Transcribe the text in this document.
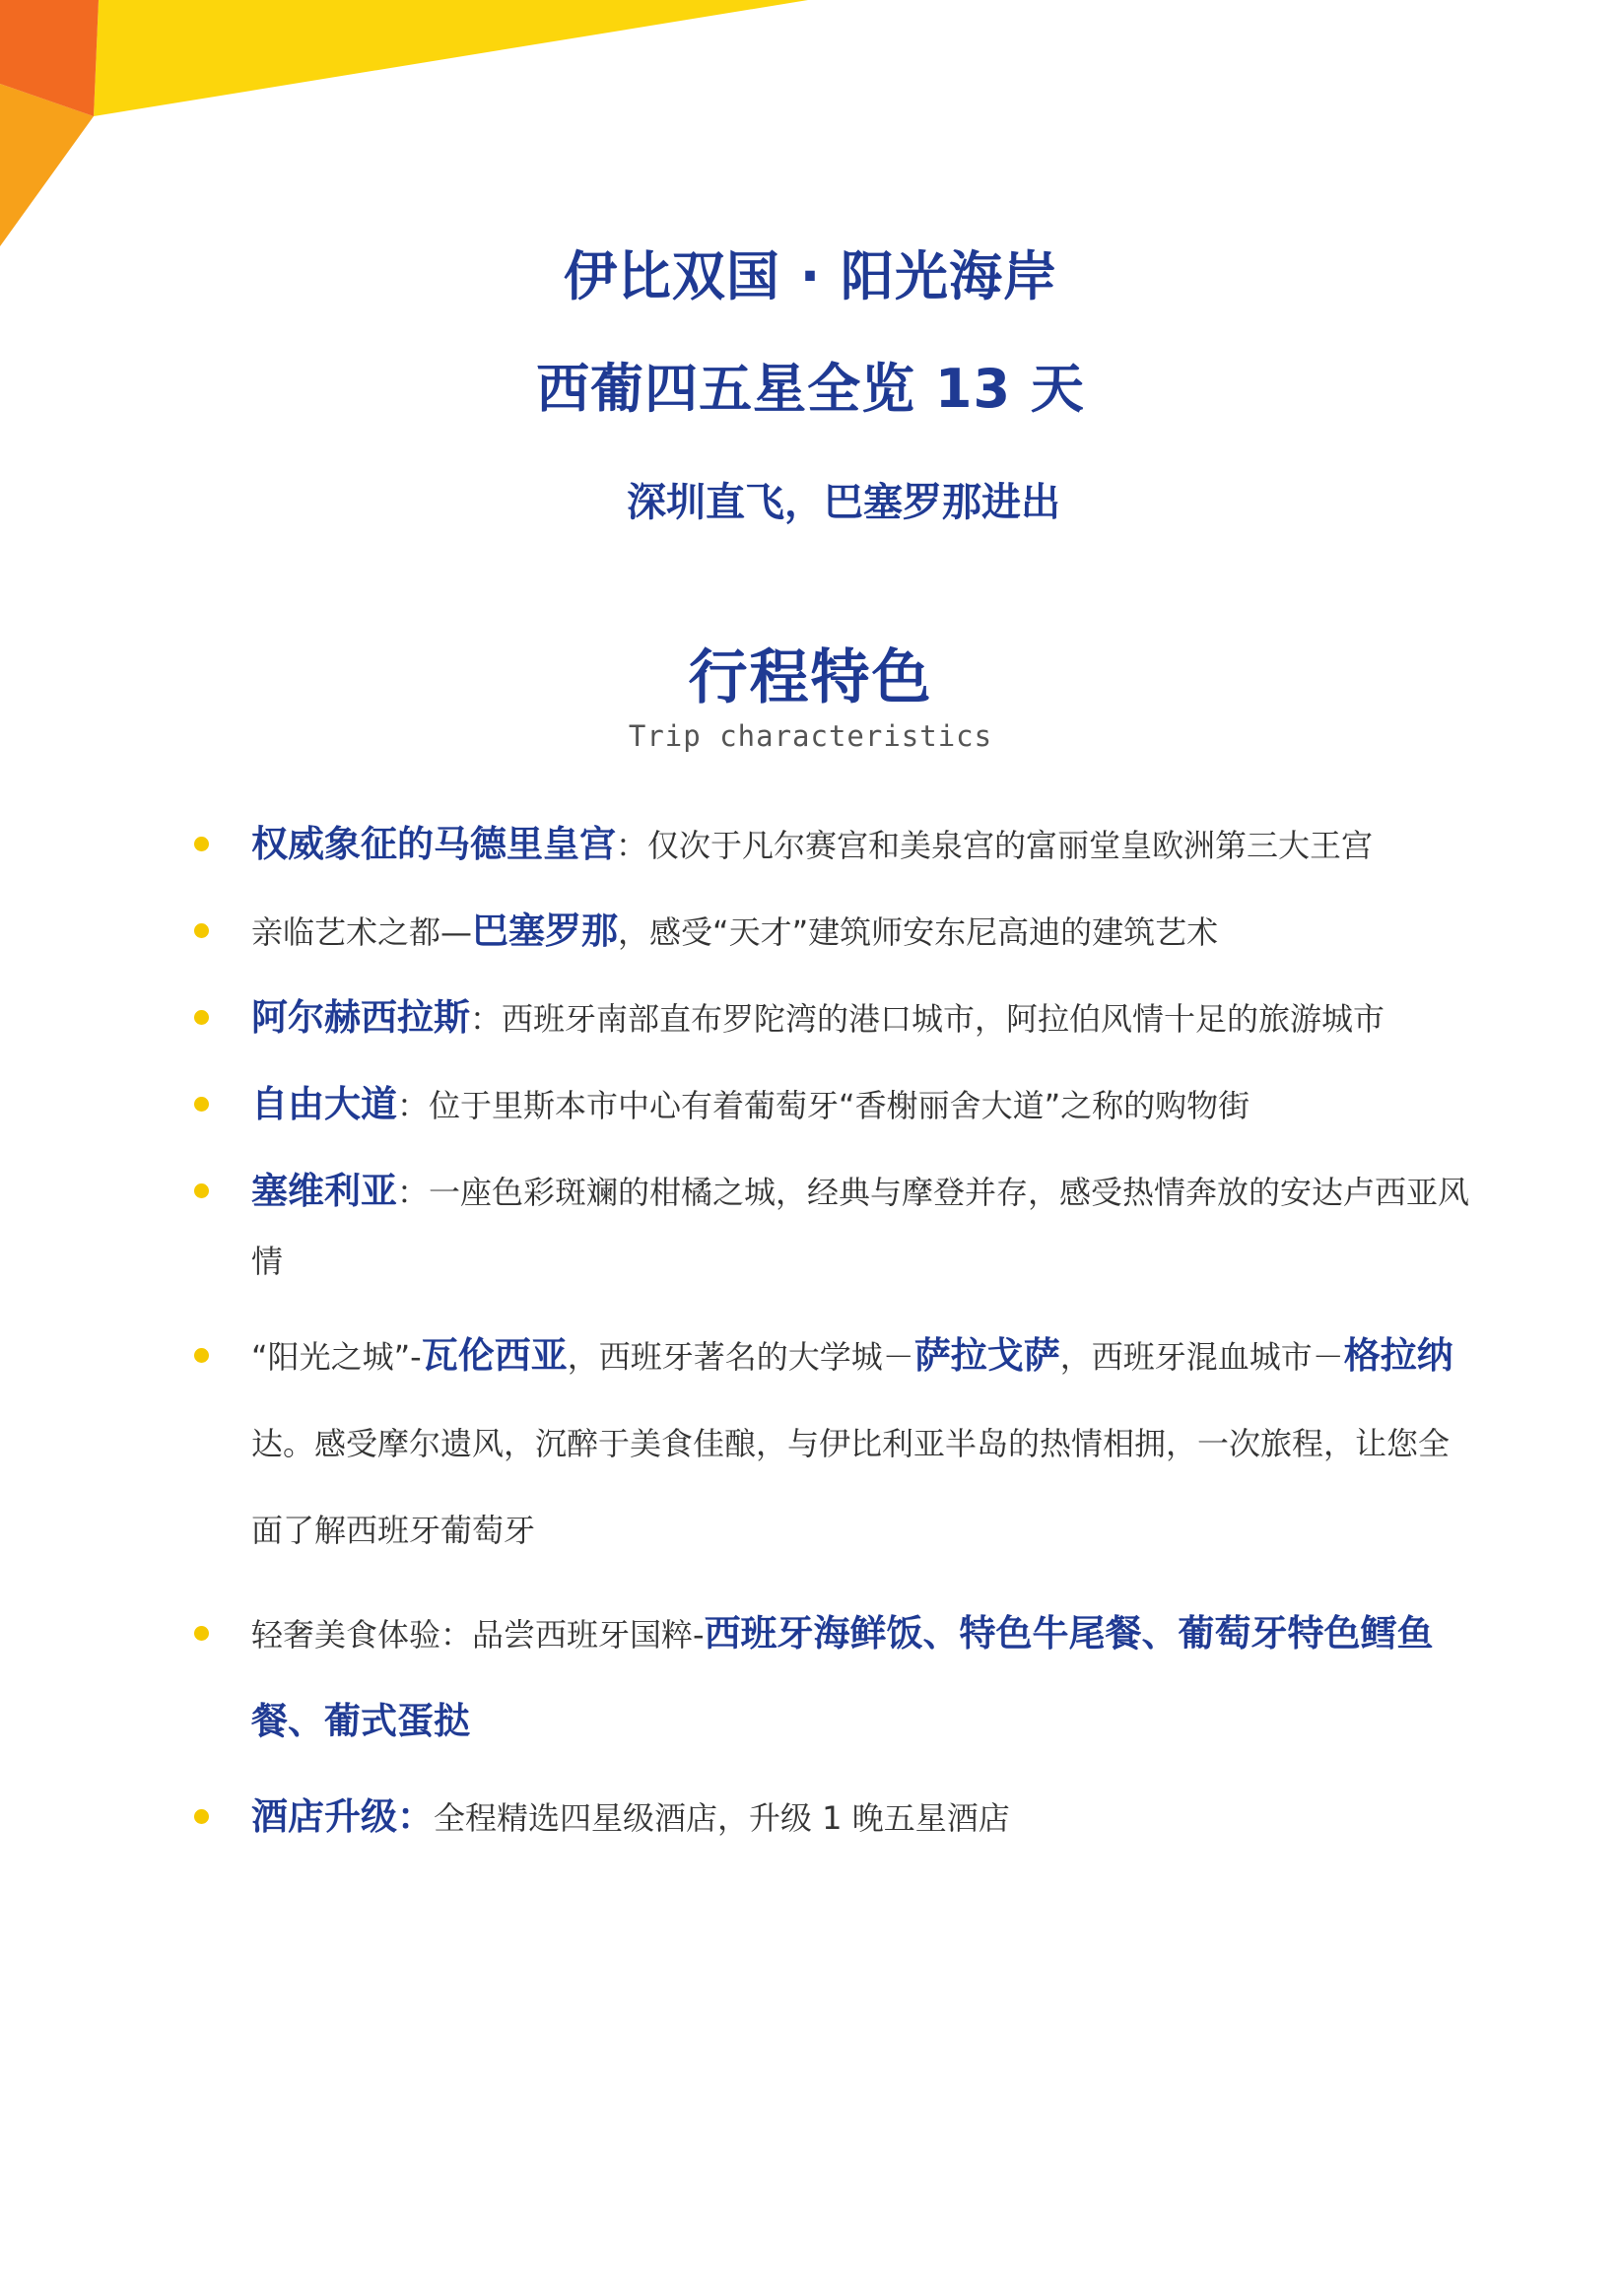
伊比双国 · 阳光海岸
西葡四五星全览 13 天
深圳直飞，巴塞罗那进出
行程特色
Trip characteristics
权威象征的马德里皇宫：仅次于凡尔赛宫和美泉宫的富丽堂皇欧洲第三大王宫
亲临艺术之都—巴塞罗那，感受“天才”建筑师安东尼高迪的建筑艺术
阿尔赫西拉斯：西班牙南部直布罗陀湾的港口城市，阿拉伯风情十足的旅游城市
自由大道：位于里斯本市中心有着葡萄牙“香榭丽舍大道”之称的购物街
塞维利亚：一座色彩斑斓的柑橘之城，经典与摩登并存，感受热情奔放的安达卢西亚风情
“阳光之城”-瓦伦西亚，西班牙著名的大学城－萨拉戈萨，西班牙混血城市－格拉纳达。感受摩尔遗风，沉醉于美食佳酿，与伊比利亚半岛的热情相拥，一次旅程，让您全面了解西班牙葡萄牙
轻奢美食体验：品尝西班牙国粹-西班牙海鲜饭、特色牛尾餐、葡萄牙特色鳕鱼餐、葡式蛋挞
酒店升级：全程精选四星级酒店，升级 1 晚五星酒店
